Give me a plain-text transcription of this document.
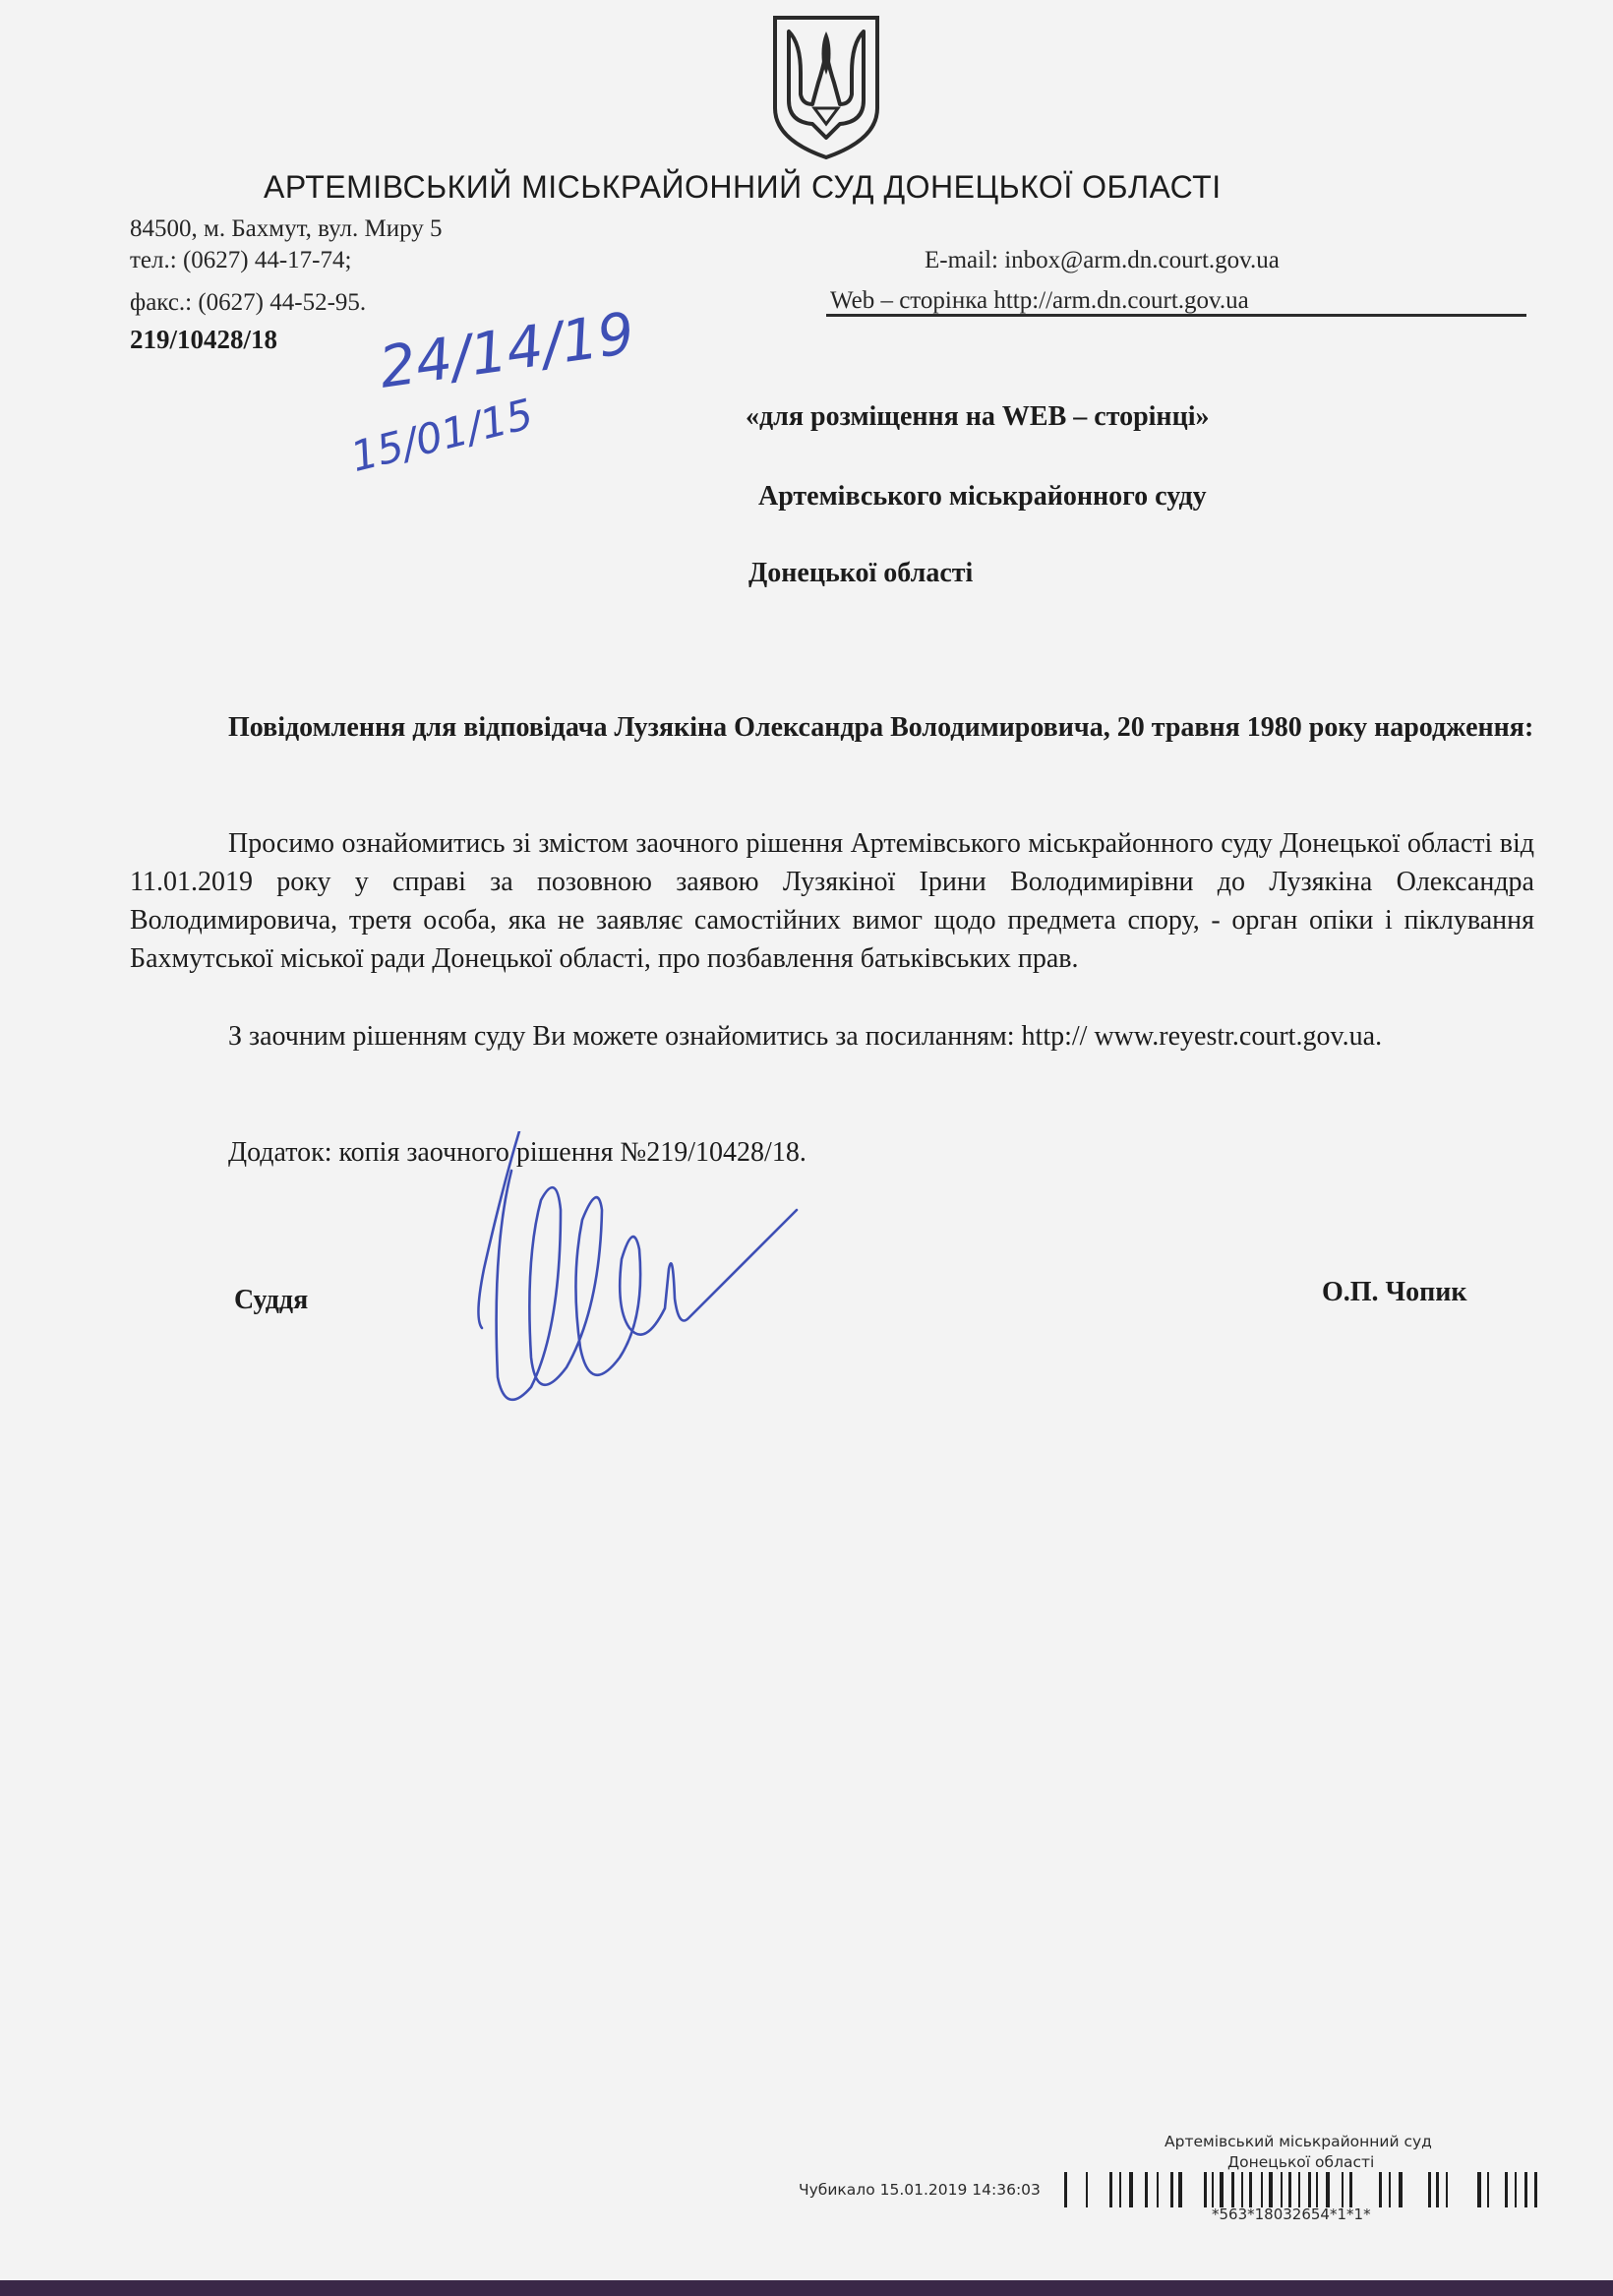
АРТЕМІВСЬКИЙ МІСЬКРАЙОННИЙ СУД ДОНЕЦЬКОЇ ОБЛАСТІ
84500, м. Бахмут, вул. Миру 5
тел.: (0627) 44-17-74;
факс.: (0627) 44-52-95.
E-mail: inbox@arm.dn.court.gov.ua
Web – сторінка http://arm.dn.court.gov.ua
219/10428/18 24/14/19
15/01/15	«для розміщення на WEB – сторінці»
Артемівського міськрайонного суду
Донецької області
Повідомлення для відповідача Лузякіна Олександра Володимировича, 20 травня 1980 року народження:
Просимо ознайомитись зі змістом заочного рішення Артемівського міськрайонного суду Донецької області від 11.01.2019 року у справі за позовною заявою Лузякіної Ірини Володимирівни до Лузякіна Олександра Володимировича, третя особа, яка не заявляє самостійних вимог щодо предмета спору, - орган опіки і піклування Бахмутської міської ради Донецької області, про позбавлення батьківських прав.
З заочним рішенням суду Ви можете ознайомитись за посиланням: http:// www.reyestr.court.gov.ua.
Додаток: копія заочного рішення №219/10428/18.
Суддя	О.П. Чопик
Артемівський міськрайонний суд
Донецької області
Чубикало 15.01.2019 14:36:03
*563*18032654*1*1*
